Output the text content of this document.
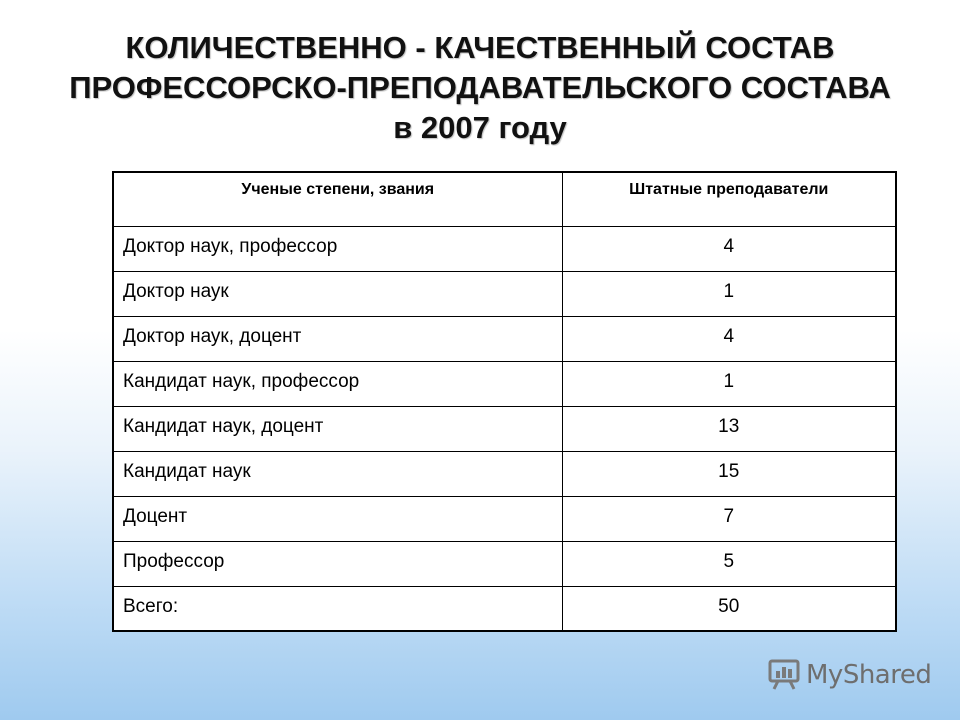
КОЛИЧЕСТВЕННО - КАЧЕСТВЕННЫЙ СОСТАВ
ПРОФЕССОРСКО-ПРЕПОДАВАТЕЛЬСКОГО СОСТАВА
в 2007 году
Ученые степени, звания	Штатные преподаватели
Доктор наук, профессор	4
Доктор наук	1
Доктор наук, доцент	4
Кандидат наук, профессор	1
Кандидат наук, доцент	13
Кандидат наук	15
Доцент	7
Профессор	5
Всего:	50
MyShared
